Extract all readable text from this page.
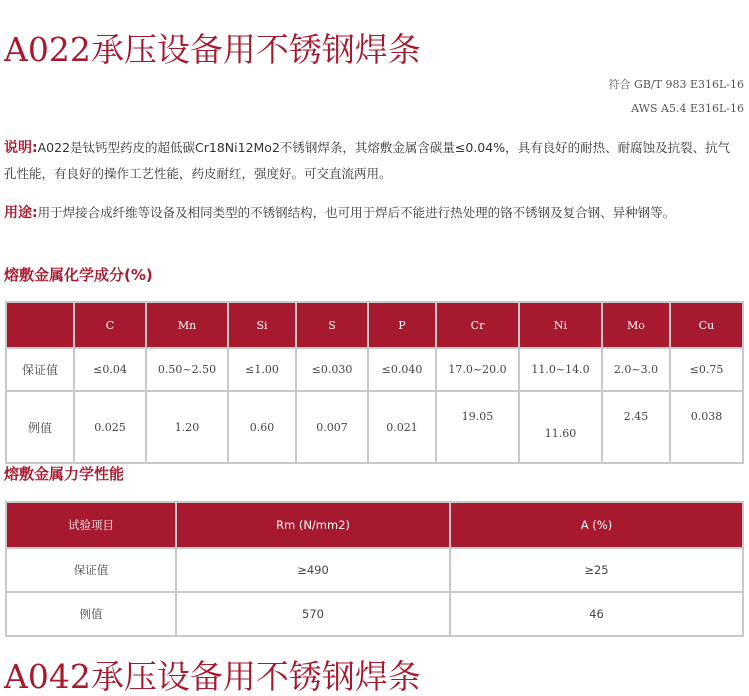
A022承压设备用不锈钢焊条
符合 GB/T 983 E316L-16
AWS A5.4 E316L-16
说明:A022是钛钙型药皮的超低碳Cr18Ni12Mo2不锈钢焊条，其熔敷金属含碳量≤0.04%，具有良好的耐热、耐腐蚀及抗裂、抗气孔性能，有良好的操作工艺性能，药皮耐红，强度好。可交直流两用。
用途:用于焊接合成纤维等设备及相同类型的不锈钢结构，也可用于焊后不能进行热处理的铬不锈钢及复合钢、异种钢等。
熔敷金属化学成分(%)
	C	Mn	Si	S	P	Cr	Ni	Mo	Cu
保证值	≤0.04	0.50~2.50	≤1.00	≤0.030	≤0.040	17.0~20.0	11.0~14.0	2.0~3.0	≤0.75
例值	0.025	1.20	0.60	0.007	0.021	19.05	11.60	2.45	0.038
熔敷金属力学性能
试验项目	Rm (N/mm2)	A (%)
保证值	≥490	≥25
例值	570	46
A042承压设备用不锈钢焊条
